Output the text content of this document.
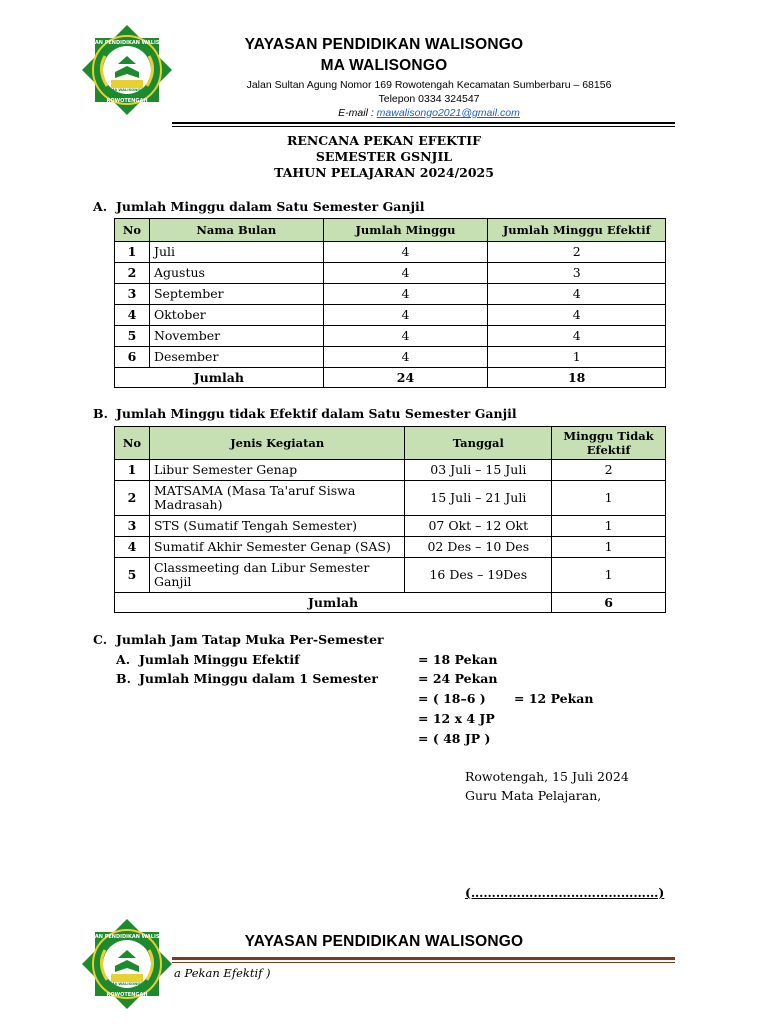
YAYASAN PENDIDIKAN WALISONGO
MA WALISONGO
ROWOTENGAH
YAYASAN PENDIDIKAN WALISONGO
MA WALISONGO
Jalan Sultan Agung Nomor 169 Rowotengah Kecamatan Sumberbaru – 68156
Telepon 0334 324547
E-mail : mawalisongo2021@gmail.com
RENCANA PEKAN EFEKTIF
SEMESTER GSNJIL
TAHUN PELAJARAN 2024/2025
A. Jumlah Minggu dalam Satu Semester Ganjil
No	Nama Bulan	Jumlah Minggu	Jumlah Minggu Efektif
1	Juli	4	2
2	Agustus	4	3
3	September	4	4
4	Oktober	4	4
5	November	4	4
6	Desember	4	1
Jumlah		24	18
B. Jumlah Minggu tidak Efektif dalam Satu Semester Ganjil
No	Jenis Kegiatan	Tanggal	Minggu Tidak Efektif
1	Libur Semester Genap	03 Juli – 15 Juli	2
2	MATSAMA (Masa Ta'aruf Siswa Madrasah)	15 Juli – 21 Juli	1
3	STS (Sumatif Tengah Semester)	07 Okt – 12 Okt	1
4	Sumatif Akhir Semester Genap (SAS)	02 Des – 10 Des	1
5	Classmeeting dan Libur Semester Ganjil	16 Des – 19Des	1
Jumlah			6
C. Jumlah Jam Tatap Muka Per-Semester
A. Jumlah Minggu Efektif	= 18 Pekan
B. Jumlah Minggu dalam 1 Semester	= 24 Pekan
= ( 18–6 ) = 12 Pekan
= 12 x 4 JP
= ( 48 JP )
Rowotengah, 15 Juli 2024
Guru Mata Pelajaran,
(………………………………………)
YAYASAN PENDIDIKAN WALISONGO
MA WALISONGO
ROWOTENGAH
YAYASAN PENDIDIKAN WALISONGO
a Pekan Efektif )
